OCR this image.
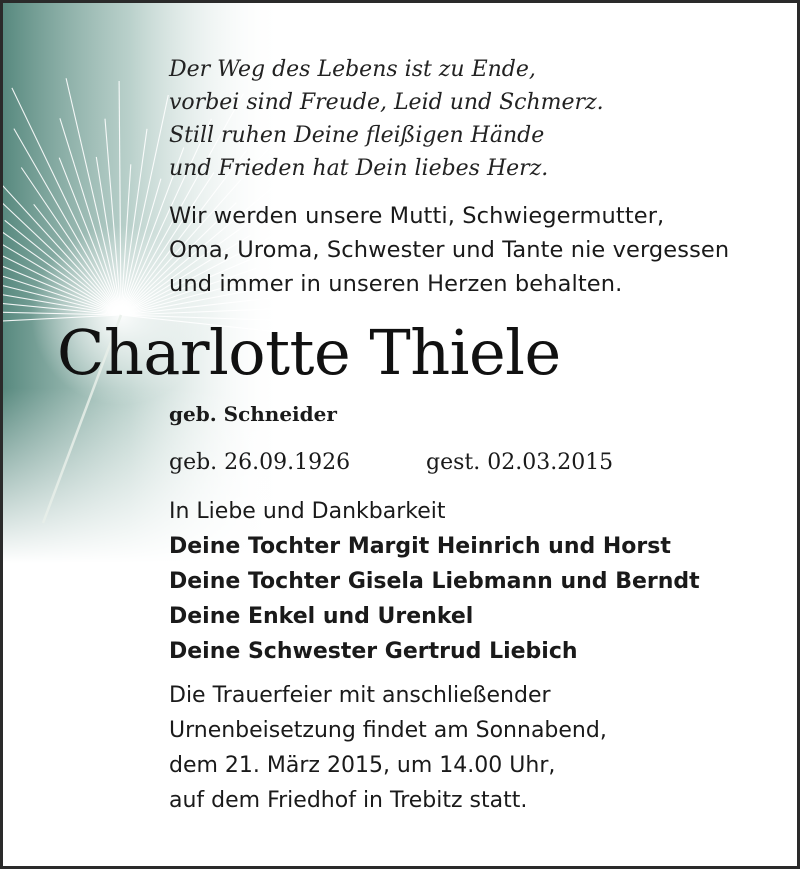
Der Weg des Lebens ist zu Ende,
vorbei sind Freude, Leid und Schmerz.
Still ruhen Deine fleißigen Hände
und Frieden hat Dein liebes Herz.
Wir werden unsere Mutti, Schwiegermutter,
Oma, Uroma, Schwester und Tante nie vergessen
und immer in unseren Herzen behalten.
Charlotte Thiele
geb. Schneider
geb. 26.09.1926	gest. 02.03.2015
In Liebe und Dankbarkeit
Deine Tochter Margit Heinrich und Horst
Deine Tochter Gisela Liebmann und Berndt
Deine Enkel und Urenkel
Deine Schwester Gertrud Liebich
Die Trauerfeier mit anschließender
Urnenbeisetzung findet am Sonnabend,
dem 21. März 2015, um 14.00 Uhr,
auf dem Friedhof in Trebitz statt.
